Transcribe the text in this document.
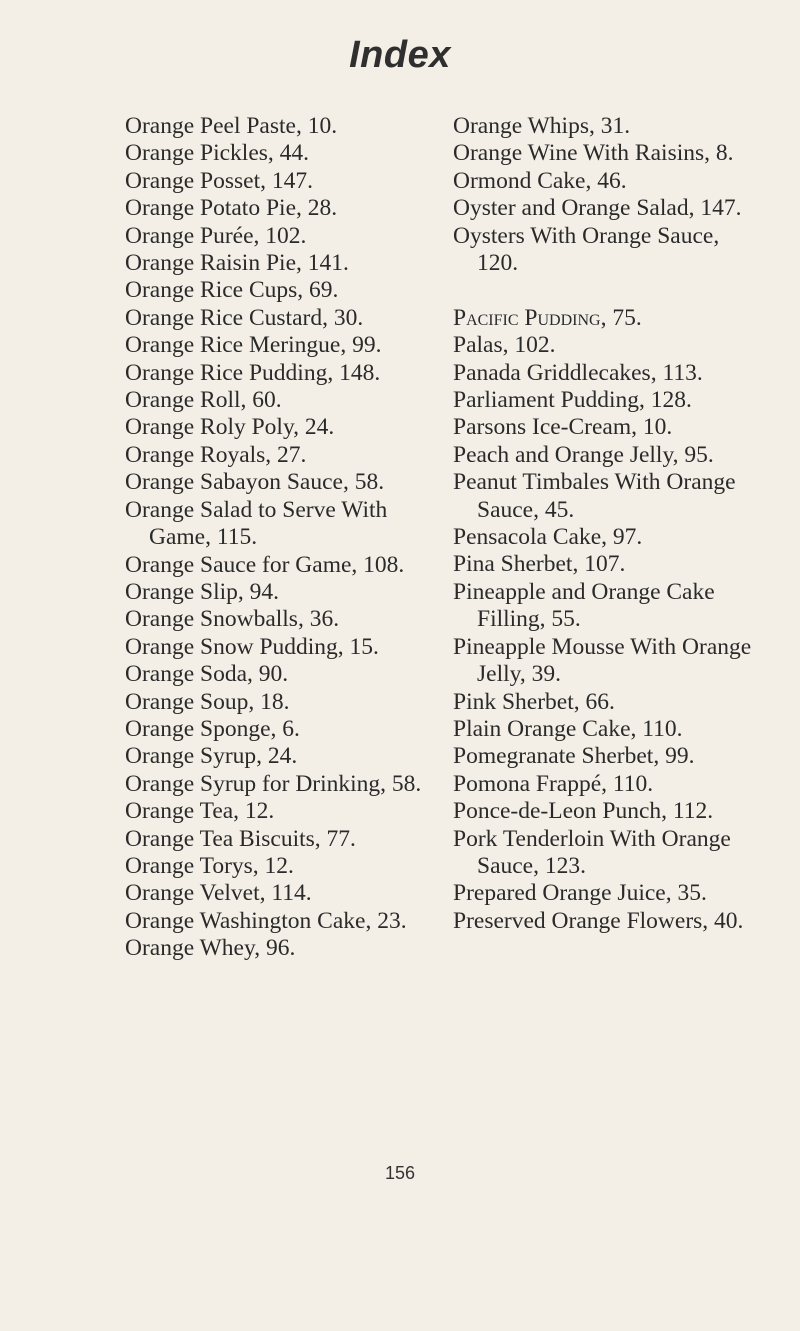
Index
Orange Peel Paste, 10.
Orange Pickles, 44.
Orange Posset, 147.
Orange Potato Pie, 28.
Orange Purée, 102.
Orange Raisin Pie, 141.
Orange Rice Cups, 69.
Orange Rice Custard, 30.
Orange Rice Meringue, 99.
Orange Rice Pudding, 148.
Orange Roll, 60.
Orange Roly Poly, 24.
Orange Royals, 27.
Orange Sabayon Sauce, 58.
Orange Salad to Serve With Game, 115.
Orange Sauce for Game, 108.
Orange Slip, 94.
Orange Snowballs, 36.
Orange Snow Pudding, 15.
Orange Soda, 90.
Orange Soup, 18.
Orange Sponge, 6.
Orange Syrup, 24.
Orange Syrup for Drinking, 58.
Orange Tea, 12.
Orange Tea Biscuits, 77.
Orange Torys, 12.
Orange Velvet, 114.
Orange Washington Cake, 23.
Orange Whey, 96.
Orange Whips, 31.
Orange Wine With Raisins, 8.
Ormond Cake, 46.
Oyster and Orange Salad, 147.
Oysters With Orange Sauce, 120.
Pacific Pudding, 75.
Palas, 102.
Panada Griddlecakes, 113.
Parliament Pudding, 128.
Parsons Ice-Cream, 10.
Peach and Orange Jelly, 95.
Peanut Timbales With Orange Sauce, 45.
Pensacola Cake, 97.
Pina Sherbet, 107.
Pineapple and Orange Cake Filling, 55.
Pineapple Mousse With Orange Jelly, 39.
Pink Sherbet, 66.
Plain Orange Cake, 110.
Pomegranate Sherbet, 99.
Pomona Frappé, 110.
Ponce-de-Leon Punch, 112.
Pork Tenderloin With Orange Sauce, 123.
Prepared Orange Juice, 35.
Preserved Orange Flowers, 40.
156
